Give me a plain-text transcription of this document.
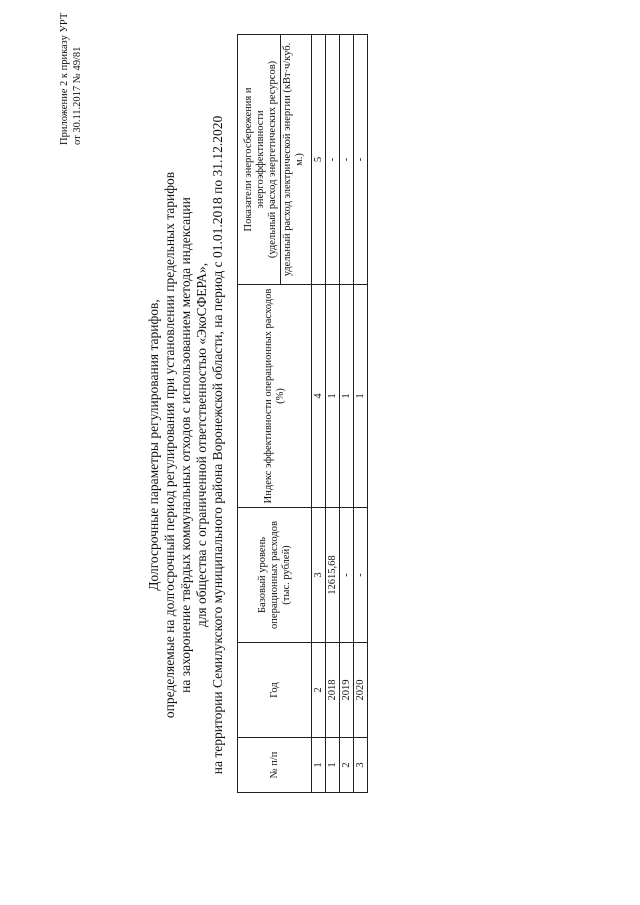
Приложение 2 к приказу УРТ от 30.11.2017 № 49/81
Долгосрочные параметры регулирования тарифов, определяемые на долгосрочный период регулирования при установлении предельных тарифов на захоронение твёрдых коммунальных отходов с использованием метода индексации для общества с ограниченной ответственностью «ЭкоСФЕРА», на территории Семилукского муниципального района Воронежской области, на период с 01.01.2018 по 31.12.2020	№ п/п	Год	Базовый уровень операционных расходов (тыс. рублей)	Индекс эффективности операционных расходов (%)	Показатели энергосбережения и энергоэффективности
(удельный расход энергетических ресурсов) удельный расход электрической энергии (кВт·ч/куб. м.)

1	2	3	4	5
1	2018	12615,68	1	-
2	2019	-	1	-
3	2020	-	1	-
